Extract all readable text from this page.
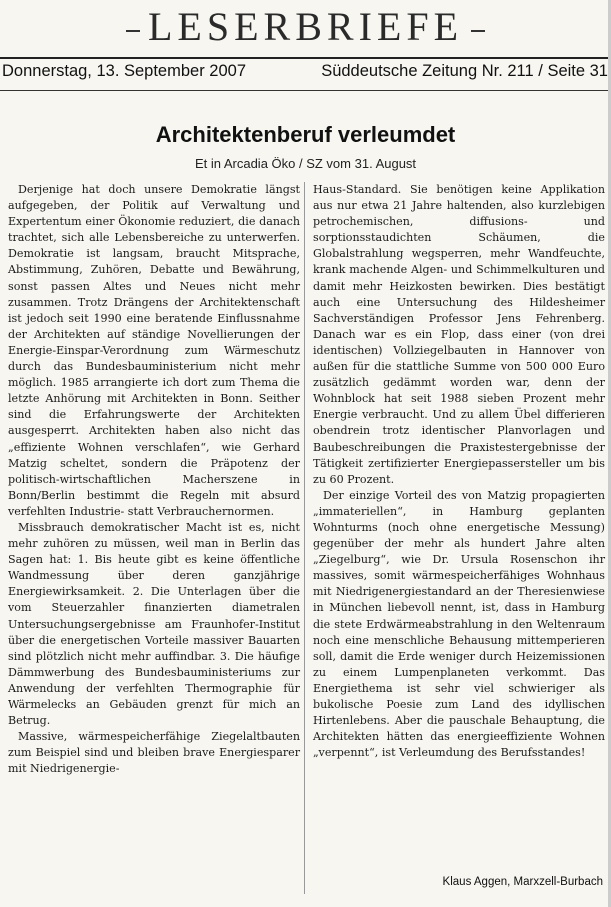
LESERBRIEFE
Donnerstag, 13. September 2007	Süddeutsche Zeitung Nr. 211 / Seite 31
Architektenberuf verleumdet
Et in Arcadia Öko / SZ vom 31. August

Derjenige hat doch unsere Demokratie längst aufgegeben, der Politik auf Verwaltung und Expertentum einer Ökonomie reduziert, die danach trachtet, sich alle Lebensbereiche zu unterwerfen. Demokratie ist langsam, braucht Mitsprache, Abstimmung, Zuhören, Debatte und Bewährung, sonst passen Altes und Neues nicht mehr zusammen. Trotz Drängens der Architektenschaft ist jedoch seit 1990 eine beratende Einflussnahme der Architekten auf ständige Novellierungen der Energie-Einspar-Verordnung zum Wärmeschutz durch das Bundesbauministerium nicht mehr möglich. 1985 arrangierte ich dort zum Thema die letzte Anhörung mit Architekten in Bonn. Seither sind die Erfahrungswerte der Architekten ausgesperrt. Architekten haben also nicht das „effiziente Wohnen verschlafen“, wie Gerhard Matzig scheltet, sondern die Präpotenz der politisch-wirtschaftlichen Macherszene in Bonn/Berlin bestimmt die Regeln mit absurd verfehlten Industrie- statt Verbrauchernormen.

Missbrauch demokratischer Macht ist es, nicht mehr zuhören zu müssen, weil man in Berlin das Sagen hat: 1. Bis heute gibt es keine öffentliche Wandmessung über deren ganzjährige Energiewirksamkeit. 2. Die Unterlagen über die vom Steuerzahler finanzierten diametralen Untersuchungsergebnisse am Fraunhofer-Institut über die energetischen Vorteile massiver Bauarten sind plötzlich nicht mehr auffindbar. 3. Die häufige Dämmwerbung des Bundesbauministeriums zur Anwendung der verfehlten Thermographie für Wärmelecks an Gebäuden grenzt für mich an Betrug.

Massive, wärmespeicherfähige Ziegelaltbauten zum Beispiel sind und bleiben brave Energiesparer mit Niedrigenergie-

Haus-Standard. Sie benötigen keine Applikation aus nur etwa 21 Jahre haltenden, also kurzlebigen petrochemischen, diffusions- und sorptionsstaudichten Schäumen, die Globalstrahlung wegsperren, mehr Wandfeuchte, krank machende Algen- und Schimmelkulturen und damit mehr Heizkosten bewirken. Dies bestätigt auch eine Untersuchung des Hildesheimer Sachverständigen Professor Jens Fehrenberg. Danach war es ein Flop, dass einer (von drei identischen) Vollziegelbauten in Hannover von außen für die stattliche Summe von 500 000 Euro zusätzlich gedämmt worden war, denn der Wohnblock hat seit 1988 sieben Prozent mehr Energie verbraucht. Und zu allem Übel differieren obendrein trotz identischer Planvorlagen und Baubeschreibungen die Praxistestergebnisse der Tätigkeit zertifizierter Energiepassersteller um bis zu 60 Prozent.

Der einzige Vorteil des von Matzig propagierten „immateriellen“, in Hamburg geplanten Wohnturms (noch ohne energetische Messung) gegenüber der mehr als hundert Jahre alten „Ziegelburg“, wie Dr. Ursula Rosenschon ihr massives, somit wärmespeicherfähiges Wohnhaus mit Niedrigenergiestandard an der Theresienwiese in München liebevoll nennt, ist, dass in Hamburg die stete Erdwärmeabstrahlung in den Weltenraum noch eine menschliche Behausung mittemperieren soll, damit die Erde weniger durch Heizemissionen zu einem Lumpenplaneten verkommt. Das Energiethema ist sehr viel schwieriger als bukolische Poesie zum Land des idyllischen Hirtenlebens. Aber die pauschale Behauptung, die Architekten hätten das energieeffiziente Wohnen „verpennt“, ist Verleumdung des Berufsstandes!

Klaus Aggen, Marxzell-Burbach
